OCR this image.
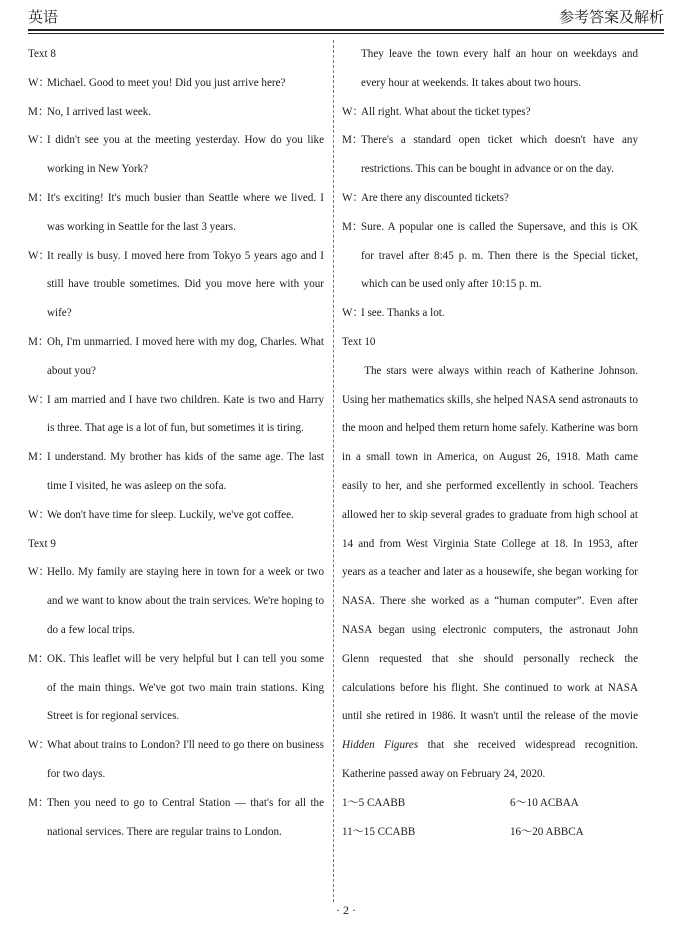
英语	参考答案及解析
Text 8
W：
Michael. Good to meet you! Did you just arrive here?
M：
No, I arrived last week.
W：
I didn't see you at the meeting yesterday. How do you like working in New York?
M：
It's exciting! It's much busier than Seattle where we lived. I was working in Seattle for the last 3 years.
W：
It really is busy. I moved here from Tokyo 5 years ago and I still have trouble sometimes. Did you move here with your wife?
M：
Oh, I'm unmarried. I moved here with my dog, Charles. What about you?
W：
I am married and I have two children. Kate is two and Harry is three. That age is a lot of fun, but sometimes it is tiring.
M：
I understand. My brother has kids of the same age. The last time I visited, he was asleep on the sofa.
W：
We don't have time for sleep. Luckily, we've got coffee.
Text 9
W：
Hello. My family are staying here in town for a week or two and we want to know about the train services. We're hoping to do a few local trips.
M：
OK. This leaflet will be very helpful but I can tell you some of the main things. We've got two main train stations. King Street is for regional services.
W：
What about trains to London? I'll need to go there on business for two days.
M：
Then you need to go to Central Station — that's for all the national services. There are regular trains to London.
They leave the town every half an hour on weekdays and every hour at weekends. It takes about two hours.
W：
All right. What about the ticket types?
M：
There's a standard open ticket which doesn't have any restrictions. This can be bought in advance or on the day.
W：
Are there any discounted tickets?
M：
Sure. A popular one is called the Supersave, and this is OK for travel after 8:45 p. m. Then there is the Special ticket, which can be used only after 10:15 p. m.
W：
I see. Thanks a lot.
Text 10
The stars were always within reach of Katherine Johnson. Using her mathematics skills, she helped NASA send astronauts to the moon and helped them return home safely. Katherine was born in a small town in America, on August 26, 1918. Math came easily to her, and she performed excellently in school. Teachers allowed her to skip several grades to graduate from high school at 14 and from West Virginia State College at 18. In 1953, after years as a teacher and later as a housewife, she began working for NASA. There she worked as a “human computer”. Even after NASA began using electronic computers, the astronaut John Glenn requested that she should personally recheck the calculations before his flight. She continued to work at NASA until she retired in 1986. It wasn't until the release of the movie Hidden Figures that she received widespread recognition. Katherine passed away on February 24, 2020.
1～5 CAABB	6～10 ACBAA
11～15 CCABB	16～20 ABBCA
· 2 ·
